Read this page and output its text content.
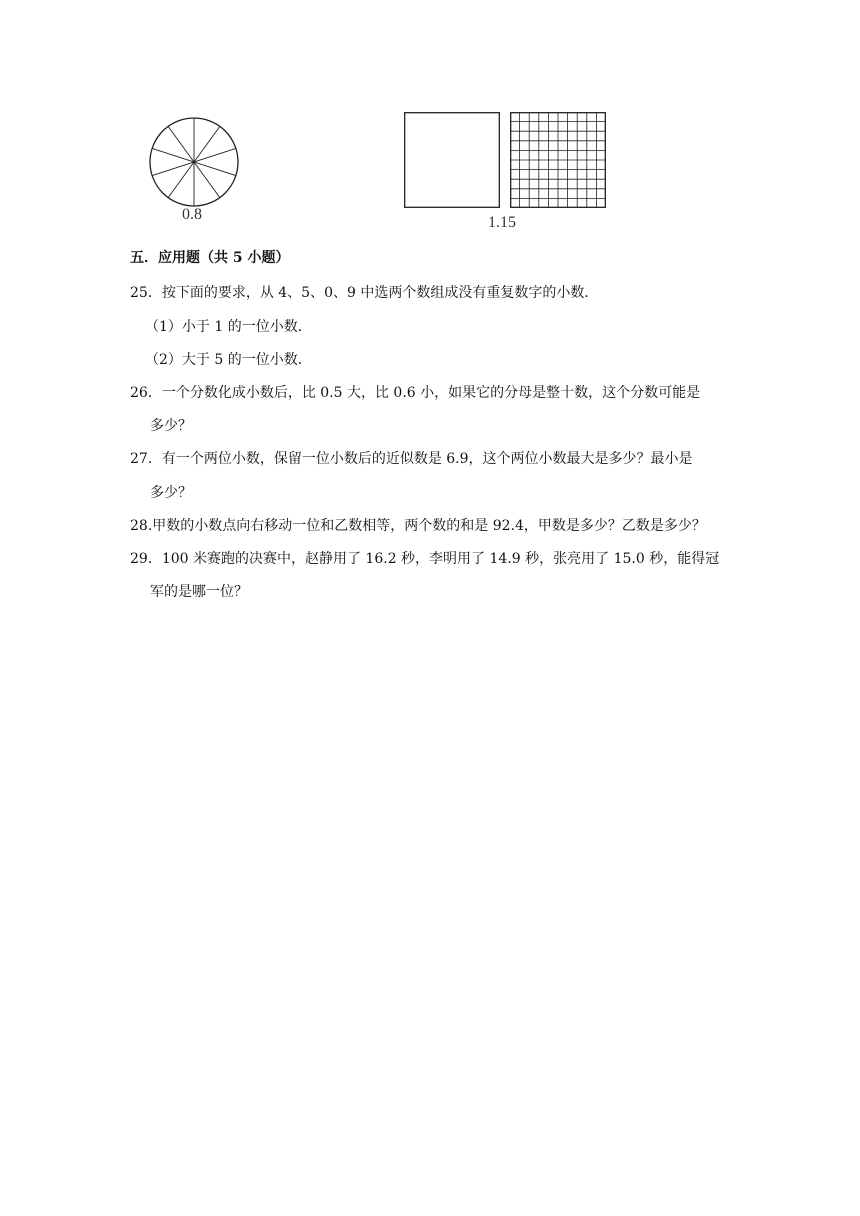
0.8	1.15
五．应用题（共 5 小题）
25．按下面的要求，从 4、5、0、9 中选两个数组成没有重复数字的小数．
（1）小于 1 的一位小数．
（2）大于 5 的一位小数．
26．一个分数化成小数后，比 0.5 大，比 0.6 小，如果它的分母是整十数，这个分数可能是
多少？
27．有一个两位小数，保留一位小数后的近似数是 6.9，这个两位小数最大是多少？最小是
多少？
28.甲数的小数点向右移动一位和乙数相等，两个数的和是 92.4，甲数是多少？乙数是多少？
29．100 米赛跑的决赛中，赵静用了 16.2 秒，李明用了 14.9 秒，张亮用了 15.0 秒，能得冠
军的是哪一位？
